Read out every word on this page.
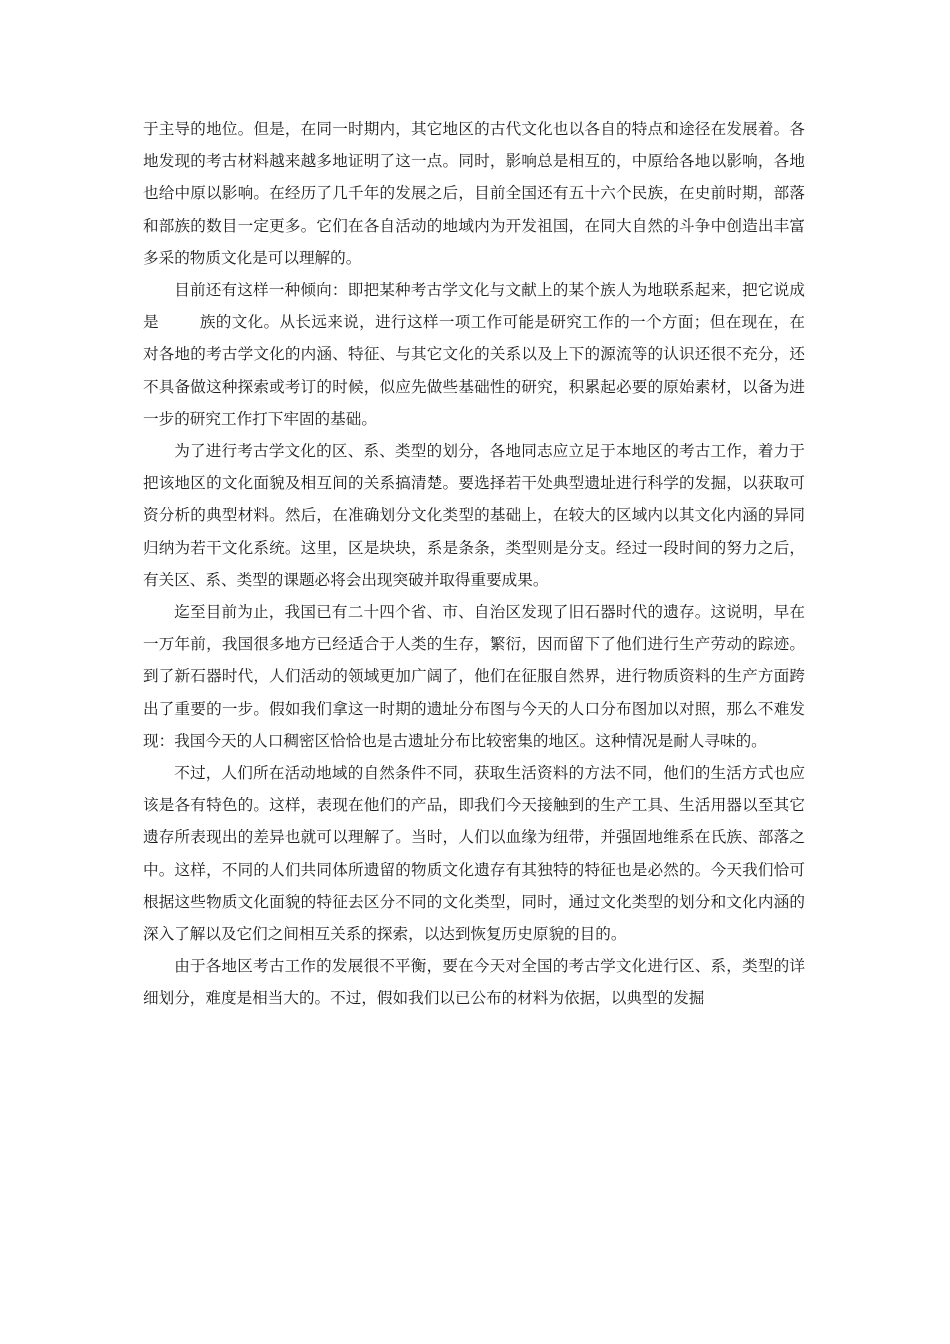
于主导的地位。但是，在同一时期内，其它地区的古代文化也以各自的特点和途径在发展着。各地发现的考古材料越来越多地证明了这一点。同时，影响总是相互的，中原给各地以影响，各地也给中原以影响。在经历了几千年的发展之后，目前全国还有五十六个民族，在史前时期，部落和部族的数目一定更多。它们在各自活动的地域内为开发祖国，在同大自然的斗争中创造出丰富多采的物质文化是可以理解的。

目前还有这样一种倾向：即把某种考古学文化与文献上的某个族人为地联系起来，把它说成是	族的文化。从长远来说，进行这样一项工作可能是研究工作的一个方面；但在现在，在对各地的考古学文化的内涵、特征、与其它文化的关系以及上下的源流等的认识还很不充分，还不具备做这种探索或考订的时候，似应先做些基础性的研究，积累起必要的原始素材，以备为进一步的研究工作打下牢固的基础。

为了进行考古学文化的区、系、类型的划分，各地同志应立足于本地区的考古工作，着力于把该地区的文化面貌及相互间的关系搞清楚。要选择若干处典型遗址进行科学的发掘，以获取可资分析的典型材料。然后，在准确划分文化类型的基础上，在较大的区域内以其文化内涵的异同归纳为若干文化系统。这里，区是块块，系是条条，类型则是分支。经过一段时间的努力之后，有关区、系、类型的课题必将会出现突破并取得重要成果。

迄至目前为止，我国已有二十四个省、市、自治区发现了旧石器时代的遗存。这说明，早在一万年前，我国很多地方已经适合于人类的生存，繁衍，因而留下了他们进行生产劳动的踪迹。到了新石器时代，人们活动的领域更加广阔了，他们在征服自然界，进行物质资料的生产方面跨出了重要的一步。假如我们拿这一时期的遗址分布图与今天的人口分布图加以对照，那么不难发现：我国今天的人口稠密区恰恰也是古遗址分布比较密集的地区。这种情况是耐人寻味的。

不过，人们所在活动地域的自然条件不同，获取生活资料的方法不同，他们的生活方式也应该是各有特色的。这样，表现在他们的产品，即我们今天接触到的生产工具、生活用器以至其它遗存所表现出的差异也就可以理解了。当时，人们以血缘为纽带，并强固地维系在氏族、部落之中。这样，不同的人们共同体所遗留的物质文化遗存有其独特的特征也是必然的。今天我们恰可根据这些物质文化面貌的特征去区分不同的文化类型，同时，通过文化类型的划分和文化内涵的深入了解以及它们之间相互关系的探索，以达到恢复历史原貌的目的。

由于各地区考古工作的发展很不平衡，要在今天对全国的考古学文化进行区、系，类型的详细划分，难度是相当大的。不过，假如我们以已公布的材料为依据，以典型的发掘
